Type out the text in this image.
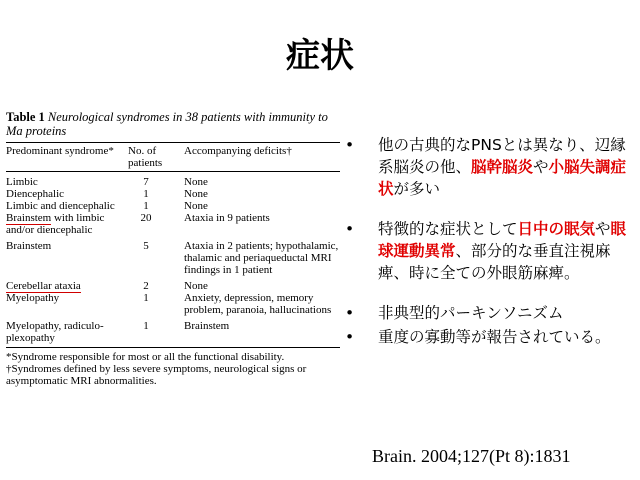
症状

Table 1 Neurological syndromes in 38 patients with immunity to Ma proteins

Predominant syndrome*	No. of patients	Accompanying deficits†
Limbic	7	None
Diencephalic	1	None
Limbic and diencephalic	1	None
Brainstem with limbic and/or diencephalic	20	Ataxia in 9 patients
Brainstem	5	Ataxia in 2 patients; hypothalamic, thalamic and periaqueductal MRI findings in 1 patient
Cerebellar ataxia	2	None
Myelopathy	1	Anxiety, depression, memory problem, paranoia, hallucinations
Myelopathy, radiculo-plexopathy	1	Brainstem
*Syndrome responsible for most or all the functional disability.
†Syndromes defined by less severe symptoms, neurological signs or asymptomatic MRI abnormalities.
•	他の古典的なPNSとは異なり、辺縁系脳炎の他、脳幹脳炎や小脳失調症状が多い
•	特徴的な症状として日中の眠気や眼球運動異常、部分的な垂直注視麻痺、時に全ての外眼筋麻痺。
•	非典型的パーキンソニズム
•	重度の寡動等が報告されている。
Brain. 2004;127(Pt 8):1831
